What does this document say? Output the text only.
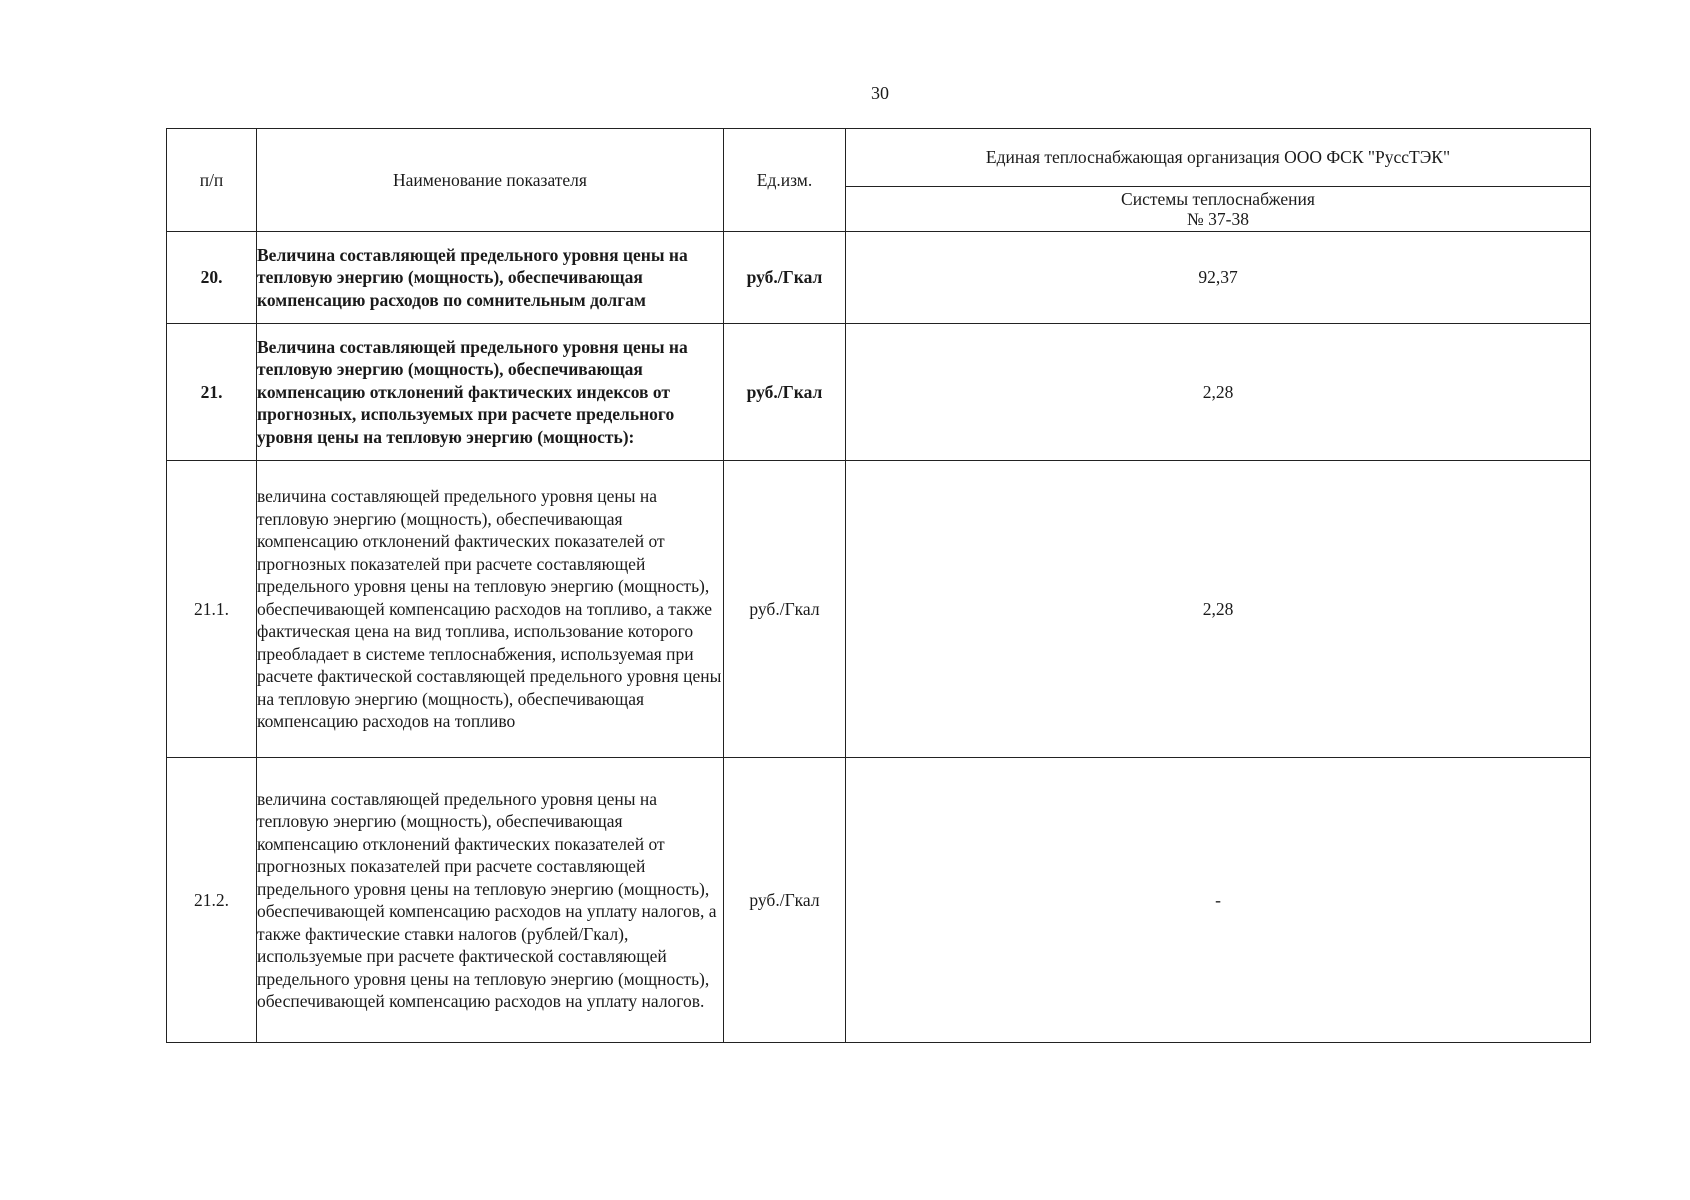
30
п/п	Наименование показателя	Ед.изм.	Единая теплоснабжающая организация ООО ФСК "РуссТЭК"
			Системы теплоснабжения
№ 37-38
20.	Величина составляющей предельного уровня цены на тепловую энергию (мощность), обеспечивающая компенсацию расходов по сомнительным долгам	руб./Гкал	92,37
21.	Величина составляющей предельного уровня цены на тепловую энергию (мощность), обеспечивающая компенсацию отклонений фактических индексов от прогнозных, используемых при расчете предельного уровня цены на тепловую энергию (мощность):	руб./Гкал	2,28
21.1.	величина составляющей предельного уровня цены на тепловую энергию (мощность), обеспечивающая компенсацию отклонений фактических показателей от прогнозных показателей при расчете составляющей предельного уровня цены на тепловую энергию (мощность), обеспечивающей компенсацию расходов на топливо, а также фактическая цена на вид топлива, использование которого преобладает в системе теплоснабжения, используемая при расчете фактической составляющей предельного уровня цены на тепловую энергию (мощность), обеспечивающая компенсацию расходов на топливо	руб./Гкал	2,28
21.2.	величина составляющей предельного уровня цены на тепловую энергию (мощность), обеспечивающая компенсацию отклонений фактических показателей от прогнозных показателей при расчете составляющей предельного уровня цены на тепловую энергию (мощность), обеспечивающей компенсацию расходов на уплату налогов, а также фактические ставки налогов (рублей/Гкал), используемые при расчете фактической составляющей предельного уровня цены на тепловую энергию (мощность), обеспечивающей компенсацию расходов на уплату налогов.	руб./Гкал	-
